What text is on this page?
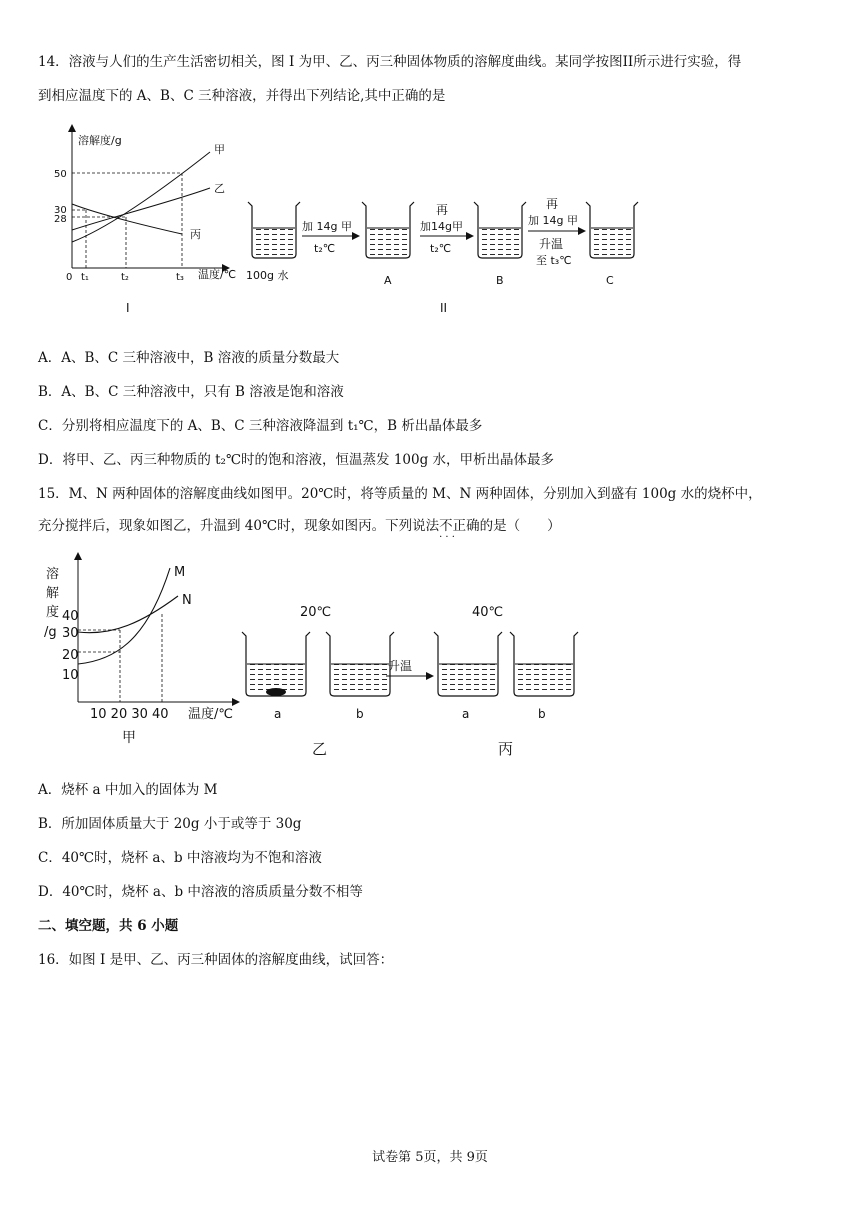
14．溶液与人们的生产生活密切相关，图 I 为甲、乙、丙三种固体物质的溶解度曲线。某同学按图II所示进行实验，得
到相应温度下的 A、B、C 三种溶液，并得出下列结论,其中正确的是
溶解度/g
温度/℃
50
30
28
0 t₁	t₂	t₃
甲
乙
丙
I
100g 水
加 14g 甲
t₂℃
A
再
加14g甲
t₂℃
B
再
加 14g 甲
升温
至 t₃℃
C
II
A．A、B、C 三种溶液中，B 溶液的质量分数最大
B．A、B、C 三种溶液中，只有 B 溶液是饱和溶液
C．分别将相应温度下的 A、B、C 三种溶液降温到 t₁℃，B 析出晶体最多
D．将甲、乙、丙三种物质的 t₂℃时的饱和溶液，恒温蒸发 100g 水，甲析出晶体最多
15．M、N 两种固体的溶解度曲线如图甲。20℃时，将等质量的 M、N 两种固体，分别加入到盛有 100g 水的烧杯中，
充分搅拌后，现象如图乙，升温到 40℃时，现象如图丙。下列说法不正确 · · ·的是（　　）
溶
解
度
/g
40
30
20
10
10 20 30 40 温度/℃
M
N
甲
20℃
a	b
乙
升温
40℃
a	b
丙
A．烧杯 a 中加入的固体为 M
B．所加固体质量大于 20g 小于或等于 30g
C．40℃时，烧杯 a、b 中溶液均为不饱和溶液
D．40℃时，烧杯 a、b 中溶液的溶质质量分数不相等
二、填空题，共 6 小题
16．如图 I 是甲、乙、丙三种固体的溶解度曲线，试回答：
试卷第 5页，共 9页
